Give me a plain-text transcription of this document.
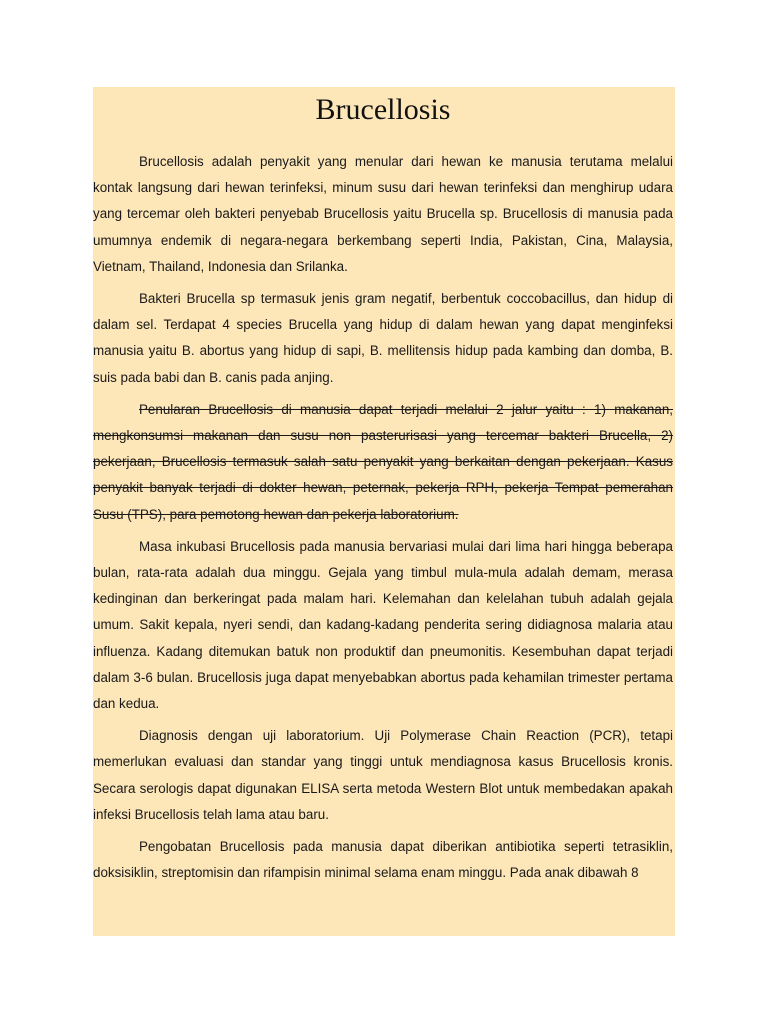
Brucellosis

Brucellosis adalah penyakit yang menular dari hewan ke manusia terutama melalui kontak langsung dari hewan terinfeksi, minum susu dari hewan terinfeksi dan menghirup udara yang tercemar oleh bakteri penyebab Brucellosis yaitu Brucella sp. Brucellosis di manusia pada umumnya endemik di negara-negara berkembang seperti India, Pakistan, Cina, Malaysia, Vietnam, Thailand, Indonesia dan Srilanka.

Bakteri Brucella sp termasuk jenis gram negatif, berbentuk coccobacillus, dan hidup di dalam sel. Terdapat 4 species Brucella yang hidup di dalam hewan yang dapat menginfeksi manusia yaitu B. abortus yang hidup di sapi, B. mellitensis hidup pada kambing dan domba, B. suis pada babi dan B. canis pada anjing.

Penularan Brucellosis di manusia dapat terjadi melalui 2 jalur yaitu : 1) makanan, mengkonsumsi makanan dan susu non pasterurisasi yang tercemar bakteri Brucella, 2) pekerjaan, Brucellosis termasuk salah satu penyakit yang berkaitan dengan pekerjaan. Kasus penyakit banyak terjadi di dokter hewan, peternak, pekerja RPH, pekerja Tempat pemerahan Susu (TPS), para pemotong hewan dan pekerja laboratorium.

Masa inkubasi Brucellosis pada manusia bervariasi mulai dari lima hari hingga beberapa bulan, rata-rata adalah dua minggu. Gejala yang timbul mula-mula adalah demam, merasa kedinginan dan berkeringat pada malam hari. Kelemahan dan kelelahan tubuh adalah gejala umum. Sakit kepala, nyeri sendi, dan kadang-kadang penderita sering didiagnosa malaria atau influenza. Kadang ditemukan batuk non produktif dan pneumonitis. Kesembuhan dapat terjadi dalam 3-6 bulan. Brucellosis juga dapat menyebabkan abortus pada kehamilan trimester pertama dan kedua.

Diagnosis dengan uji laboratorium. Uji Polymerase Chain Reaction (PCR), tetapi memerlukan evaluasi dan standar yang tinggi untuk mendiagnosa kasus Brucellosis kronis. Secara serologis dapat digunakan ELISA serta metoda Western Blot untuk membedakan apakah infeksi Brucellosis telah lama atau baru.

Pengobatan Brucellosis pada manusia dapat diberikan antibiotika seperti tetrasiklin, doksisiklin, streptomisin dan rifampisin minimal selama enam minggu. Pada anak dibawah 8
